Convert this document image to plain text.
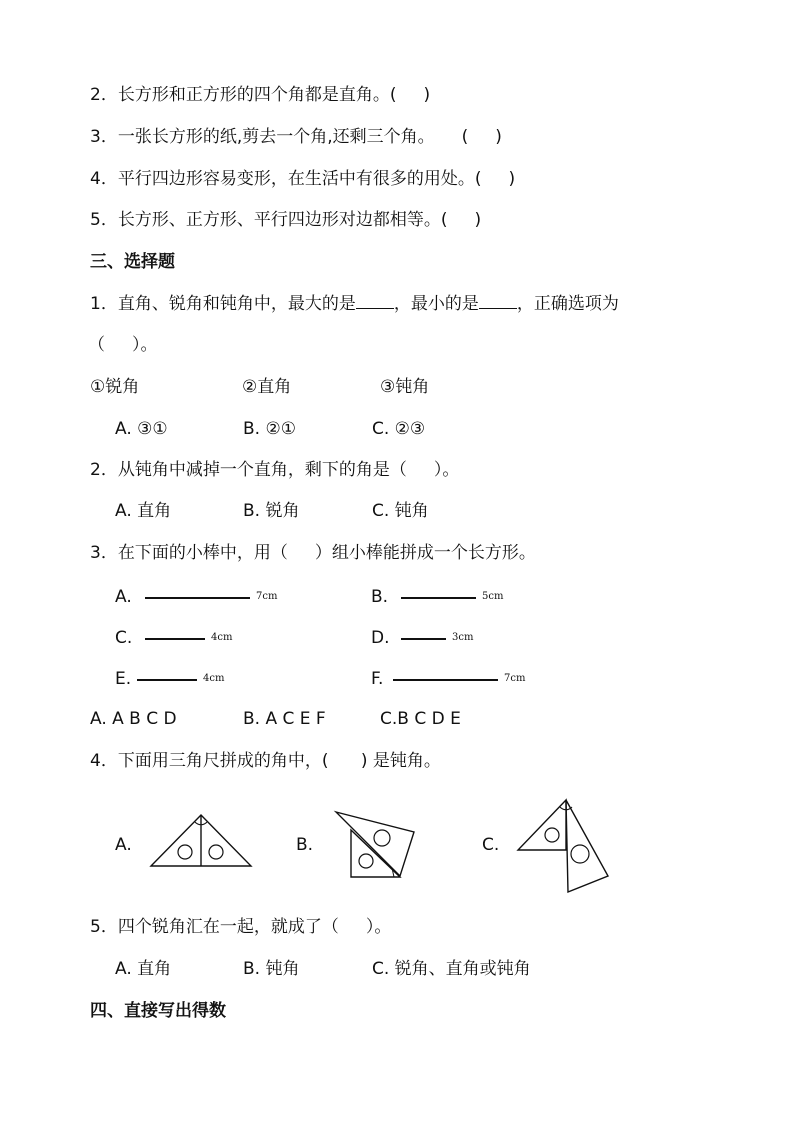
2．长方形和正方形的四个角都是直角。(     )
3．一张长方形的纸,剪去一个角,还剩三个角。     (     )
4．平行四边形容易变形，在生活中有很多的用处。(     )
5．长方形、正方形、平行四边形对边都相等。(     )
三、选择题
1．直角、锐角和钝角中，最大的是 ，最小的是 ，正确选项为
（     ）。
①锐角	②直角	③钝角
A. ③①	B. ②①	C. ②③
2．从钝角中减掉一个直角，剩下的角是（     ）。
A. 直角	B. 锐角	C. 钝角
3．在下面的小棒中，用（     ）组小棒能拼成一个长方形。
A.	7cm	B.	5cm
C.	4cm	D.	3cm
E.	4cm	F.	7cm
A. A B C D	B. A C E F	C.B C D E
4．下面用三角尺拼成的角中，(      ) 是钝角。
A.	B.	C.
5．四个锐角汇在一起，就成了（     ）。
A. 直角	B. 钝角	C. 锐角、直角或钝角
四、直接写出得数
